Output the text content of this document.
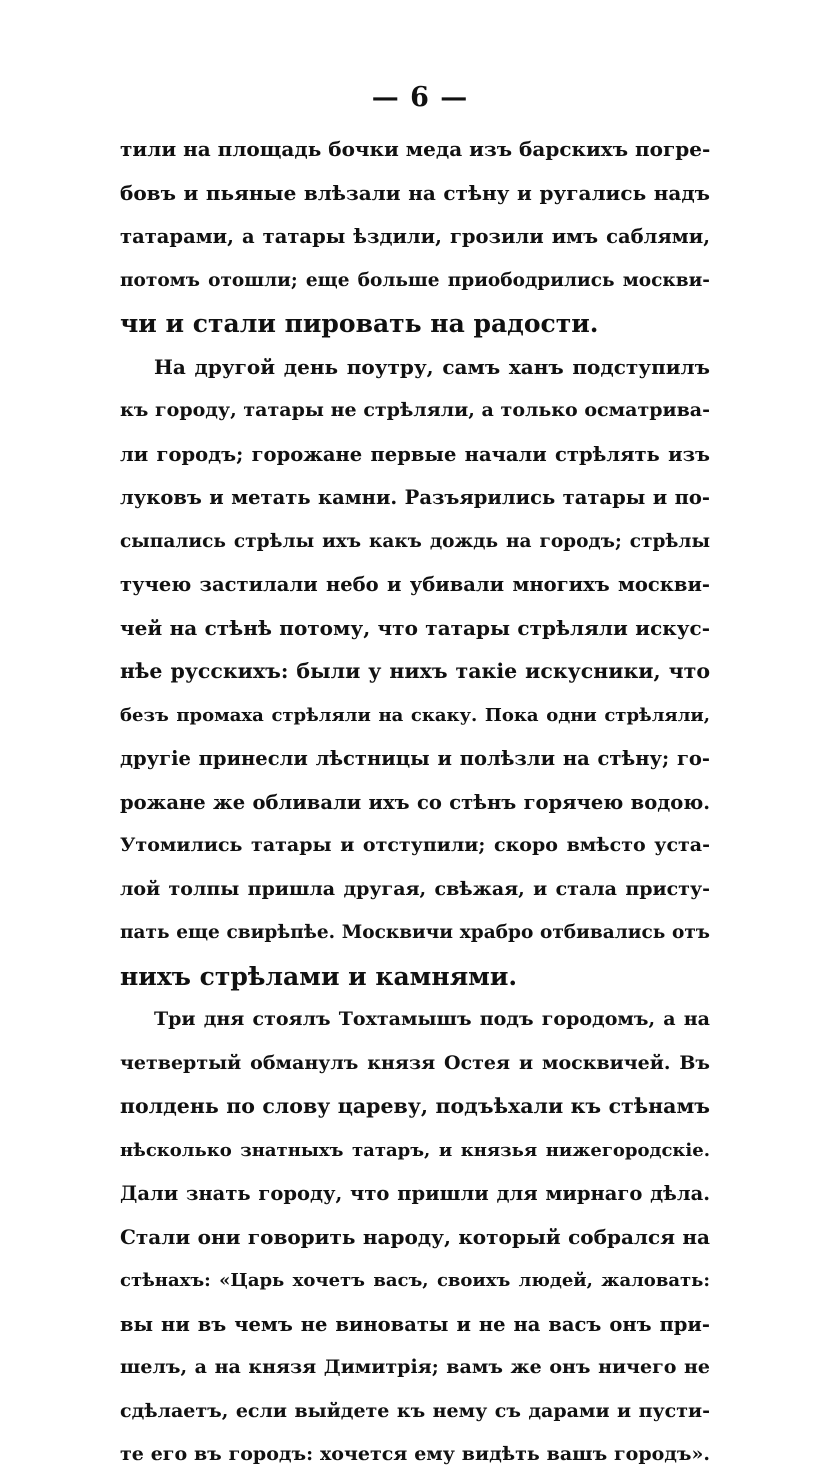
— 6 —
тили на площадь бочки меда изъ барскихъ погре-
бовъ и пьяные влѣзали на стѣну и ругались надъ
татарами, а татары ѣздили, грозили имъ саблями,
потомъ отошли; еще больше приободрились москви-
чи и стали пировать на радости.
На другой день поутру, самъ ханъ подступилъ
къ городу, татары не стрѣляли, а только осматрива-
ли городъ; горожане первые начали стрѣлять изъ
луковъ и метать камни. Разъярились татары и по-
сыпались стрѣлы ихъ какъ дождь на городъ; стрѣлы
тучею застилали небо и убивали многихъ москви-
чей на стѣнѣ потому, что татары стрѣляли искус-
нѣе русскихъ: были у нихъ такіе искусники, что
безъ промаха стрѣляли на скаку. Пока одни стрѣляли,
другіе принесли лѣстницы и полѣзли на стѣну; го-
рожане же обливали ихъ со стѣнъ горячею водою.
Утомились татары и отступили; скоро вмѣсто уста-
лой толпы пришла другая, свѣжая, и стала присту-
пать еще свирѣпѣе. Москвичи храбро отбивались отъ
нихъ стрѣлами и камнями.
Три дня стоялъ Тохтамышъ подъ городомъ, а на
четвертый обманулъ князя Остея и москвичей. Въ
полдень по слову цареву, подъѣхали къ стѣнамъ
нѣсколько знатныхъ татаръ, и князья нижегородскіе.
Дали знать городу, что пришли для мирнаго дѣла.
Стали они говорить народу, который собрался на
стѣнахъ: «Царь хочетъ васъ, своихъ людей, жаловать:
вы ни въ чемъ не виноваты и не на васъ онъ при-
шелъ, а на князя Димитрія; вамъ же онъ ничего не
сдѣлаетъ, если выйдете къ нему съ дарами и пусти-
те его въ городъ: хочется ему видѣть вашъ городъ».
